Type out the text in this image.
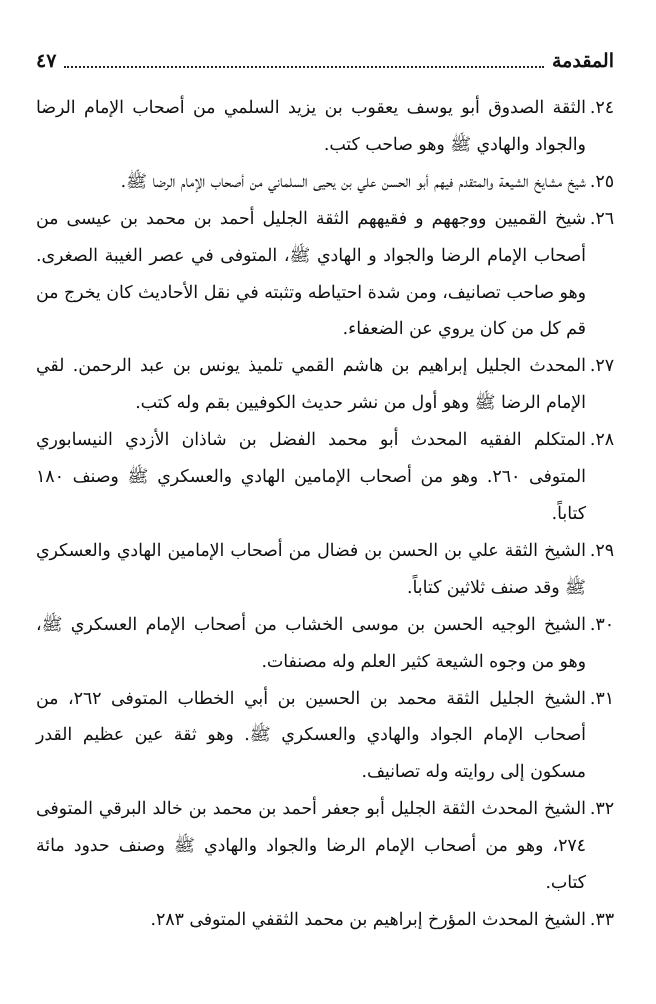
المقدمة
٤٧
٢٤.
الثقة الصدوق أبو يوسف يعقوب بن يزيد السلمي من أصحاب الإمام الرضا والجواد والهادي ﷺ وهو صاحب كتب.
٢٥.
شيخ مشايخ الشيعة والمتقدم فيهم أبو الحسن علي بن يحيى السلماني من أصحاب الإمام الرضا ﷺ.
٢٦.
شيخ القميين ووجههم و فقيههم الثقة الجليل أحمد بن محمد بن عيسى من أصحاب الإمام الرضا والجواد و الهادي ﷺ، المتوفى في عصر الغيبة الصغرى. وهو صاحب تصانيف، ومن شدة احتياطه وتثبته في نقل الأحاديث كان يخرج من قم كل من كان يروي عن الضعفاء.
٢٧.
المحدث الجليل إبراهيم بن هاشم القمي تلميذ يونس بن عبد الرحمن. لقي الإمام الرضا ﷺ وهو أول من نشر حديث الكوفيين بقم وله كتب.
٢٨.
المتكلم الفقيه المحدث أبو محمد الفضل بن شاذان الأزدي النيسابوري المتوفى ٢٦٠. وهو من أصحاب الإمامين الهادي والعسكري ﷺ وصنف ١٨٠ كتاباً.
٢٩.
الشيخ الثقة علي بن الحسن بن فضال من أصحاب الإمامين الهادي والعسكري ﷺ وقد صنف ثلاثين كتاباً.
٣٠.
الشيخ الوجيه الحسن بن موسى الخشاب من أصحاب الإمام العسكري ﷺ، وهو من وجوه الشيعة كثير العلم وله مصنفات.
٣١.
الشيخ الجليل الثقة محمد بن الحسين بن أبي الخطاب المتوفى ٢٦٢، من أصحاب الإمام الجواد والهادي والعسكري ﷺ. وهو ثقة عين عظيم القدر مسكون إلى روايته وله تصانيف.
٣٢.
الشيخ المحدث الثقة الجليل أبو جعفر أحمد بن محمد بن خالد البرقي المتوفى ٢٧٤، وهو من أصحاب الإمام الرضا والجواد والهادي ﷺ وصنف حدود مائة كتاب.
٣٣.
الشيخ المحدث المؤرخ إبراهيم بن محمد الثقفي المتوفى ٢٨٣.
